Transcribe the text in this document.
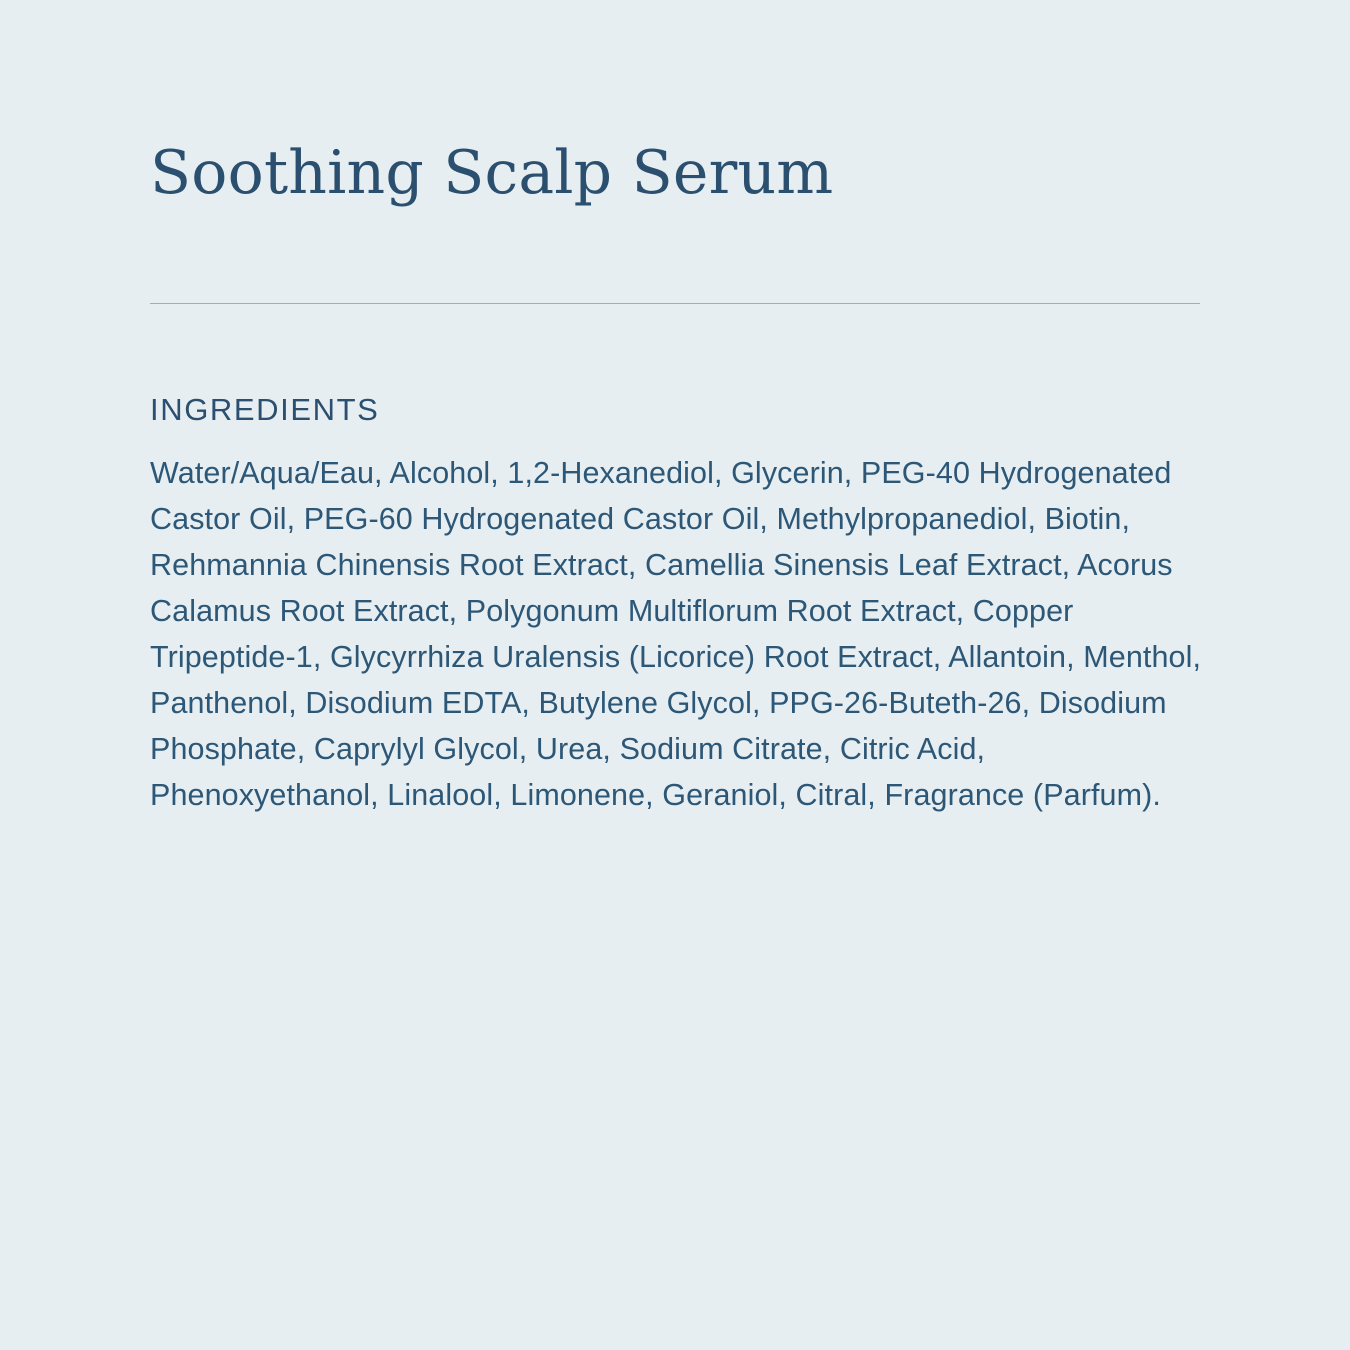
Soothing Scalp Serum
INGREDIENTS

Water/Aqua/Eau, Alcohol, 1,2-Hexanediol, Glycerin, PEG-40 Hydrogenated Castor Oil, PEG-60 Hydrogenated Castor Oil, Methylpropanediol, Biotin, Rehmannia Chinensis Root Extract, Camellia Sinensis Leaf Extract, Acorus Calamus Root Extract, Polygonum Multiflorum Root Extract, Copper Tripeptide-1, Glycyrrhiza Uralensis (Licorice) Root Extract, Allantoin, Menthol, Panthenol, Disodium EDTA, Butylene Glycol, PPG-26-Buteth-26, Disodium Phosphate, Caprylyl Glycol, Urea, Sodium Citrate, Citric Acid, Phenoxyethanol, Linalool, Limonene, Geraniol, Citral, Fragrance (Parfum).
